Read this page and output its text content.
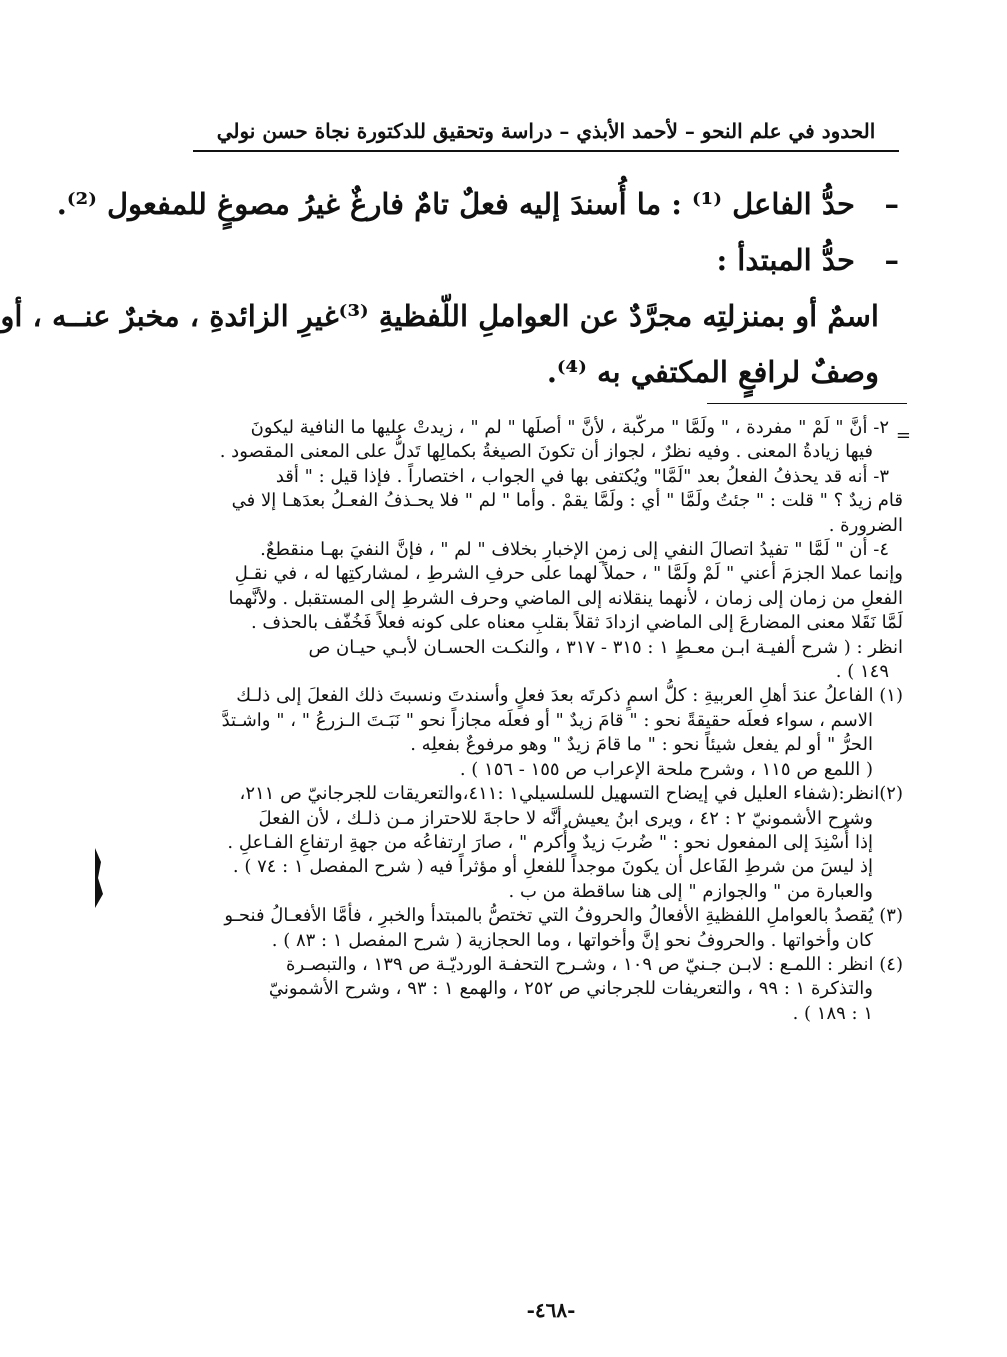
الحدود في علم النحو – لأحمد الأبذي – دراسة وتحقيق للدكتورة نجاة حسن نولي

–حدُّ الفاعل ⁽¹⁾ : ما أُسندَ إليه فعلٌ تامٌ فارغٌ غيرُ مصوغٍ للمفعول ⁽²⁾.

–حدُّ المبتدأ :

اسمٌ أو بمنزلتِه مجرَّدٌ عن العواملِ اللّفظيةِ ⁽³⁾غيرِ الزائدةِ ، مخبرٌ عنــه ، أو

وصفٌ لرافعٍ المكتفي به ⁽⁴⁾.

=

٢- أنَّ " لَمْ " مفردة ، " ولَمَّا " مركّبة ، لأنَّ " أصلَها " لم " ، زيدتْ عليها ما النافية ليكونَ

فيها زيادةُ المعنى . وفيه نظرٌ ، لجواز أن تكونَ الصيغةُ بكمالِها تَدلُّ على المعنى المقصود .

٣- أنه قد يحذفُ الفعلُ بعد "لَمَّا" ويُكتفى بها في الجواب ، اختصاراً . فإذا قيل : " أقد

قام زيدٌ ؟ " قلت : " جئتُ ولَمَّا " أي : ولَمَّا يقمْ . وأما " لم " فلا يحـذفُ الفعـلُ بعدَهـا إلا في

الضرورة .

٤- أن " لَمَّا " تفيدُ اتصالَ النفي إلى زمنِ الإخبارِ بخلاف " لم " ، فإنَّ النفيَ بهـا منقطعٌ.

وإنما عملا الجزمَ أعني " لَمْ ولَمَّا " ، حملاً لهما على حرفِ الشرطِ ، لمشاركتِها له ، في نقـلِ

الفعلِ من زمان إلى زمان ، لأنهما ينقلانه إلى الماضي وحرف الشرطِ إلى المستقبل . ولأنَّهما

لَمَّا نَقَلا معنى المضارعَ إلى الماضي ازدادَ ثقلاً بقلبِ معناه على كونه فعلاً فَخُفّف بالحذف .

انظر : ( شرح ألفيـة ابـن معـطٍ ١ : ٣١٥ - ٣١٧ ، والنكـت الحسـان لأبـي حيـان ص

١٤٩ ) .

(١) الفاعلُ عندَ أهلِ العربيةِ : كلُّ اسمٍ ذكرتَه بعدَ فعلٍ وأسندتَ ونسبتَ ذلك الفعلَ إلى ذلـك

الاسم ، سواء فعلَه حقيقةً نحو : " قامَ زيدٌ " أو فعلَه مجازاً نحو " نَبَـتَ الـزرعُ " ، " واشـتدَّ

الحرُّ " أو لم يفعل شيئاً نحو : " ما قامَ زيدٌ " وهو مرفوعٌ بفعلِه .

( اللمع ص ١١٥ ، وشرح ملحة الإعراب ص ١٥٥ - ١٥٦ ) .

(٢)انظر:(شفاء العليل في إيضاح التسهيل للسلسيلي١ :٤١١،والتعريقات للجرجانيّ ص ٢١١،

وشرح الأشمونيّ ٢ : ٤٢ ، ويرى ابنُ يعيش أنَّه لا حاجةَ للاحتراز مـن ذلـك ، لأن الفعلَ

إذا أُسْنِدَ إلى المفعول نحو : " ضُربَ زيدٌ وأُكرم " ، صارَ ارتفاعُه من جهةِ ارتفاعِ الفـاعلِ .

إذ ليسَ من شرطِ الفَاعل أن يكونَ موجداً للفعلِ أو مؤثراً فيه ( شرح المفصل ١ : ٧٤ ) .

والعبارة من " والجوازم " إلى هنا ساقطة من ب .

(٣) يُقصدُ بالعواملِ اللفظيةِ الأفعالُ والحروفُ التي تختصُّ بالمبتدأ والخبرِ ، فأمَّا الأفعـالُ فنحـو

كان وأخواتها . والحروفُ نحو إنَّ وأخواتها ، وما الحجازية ( شرح المفصل ١ : ٨٣ ) .

(٤) انظر : اللمـع : لابـن جـنيّ ص ١٠٩ ، وشـرح التحفـة الورديّـة ص ١٣٩ ، والتبصـرة

والتذكرة ١ : ٩٩ ، والتعريفات للجرجاني ص ٢٥٢ ، والهمع ١ : ٩٣ ، وشرح الأشمونيّ

١ : ١٨٩ ) .

-٤٦٨-
